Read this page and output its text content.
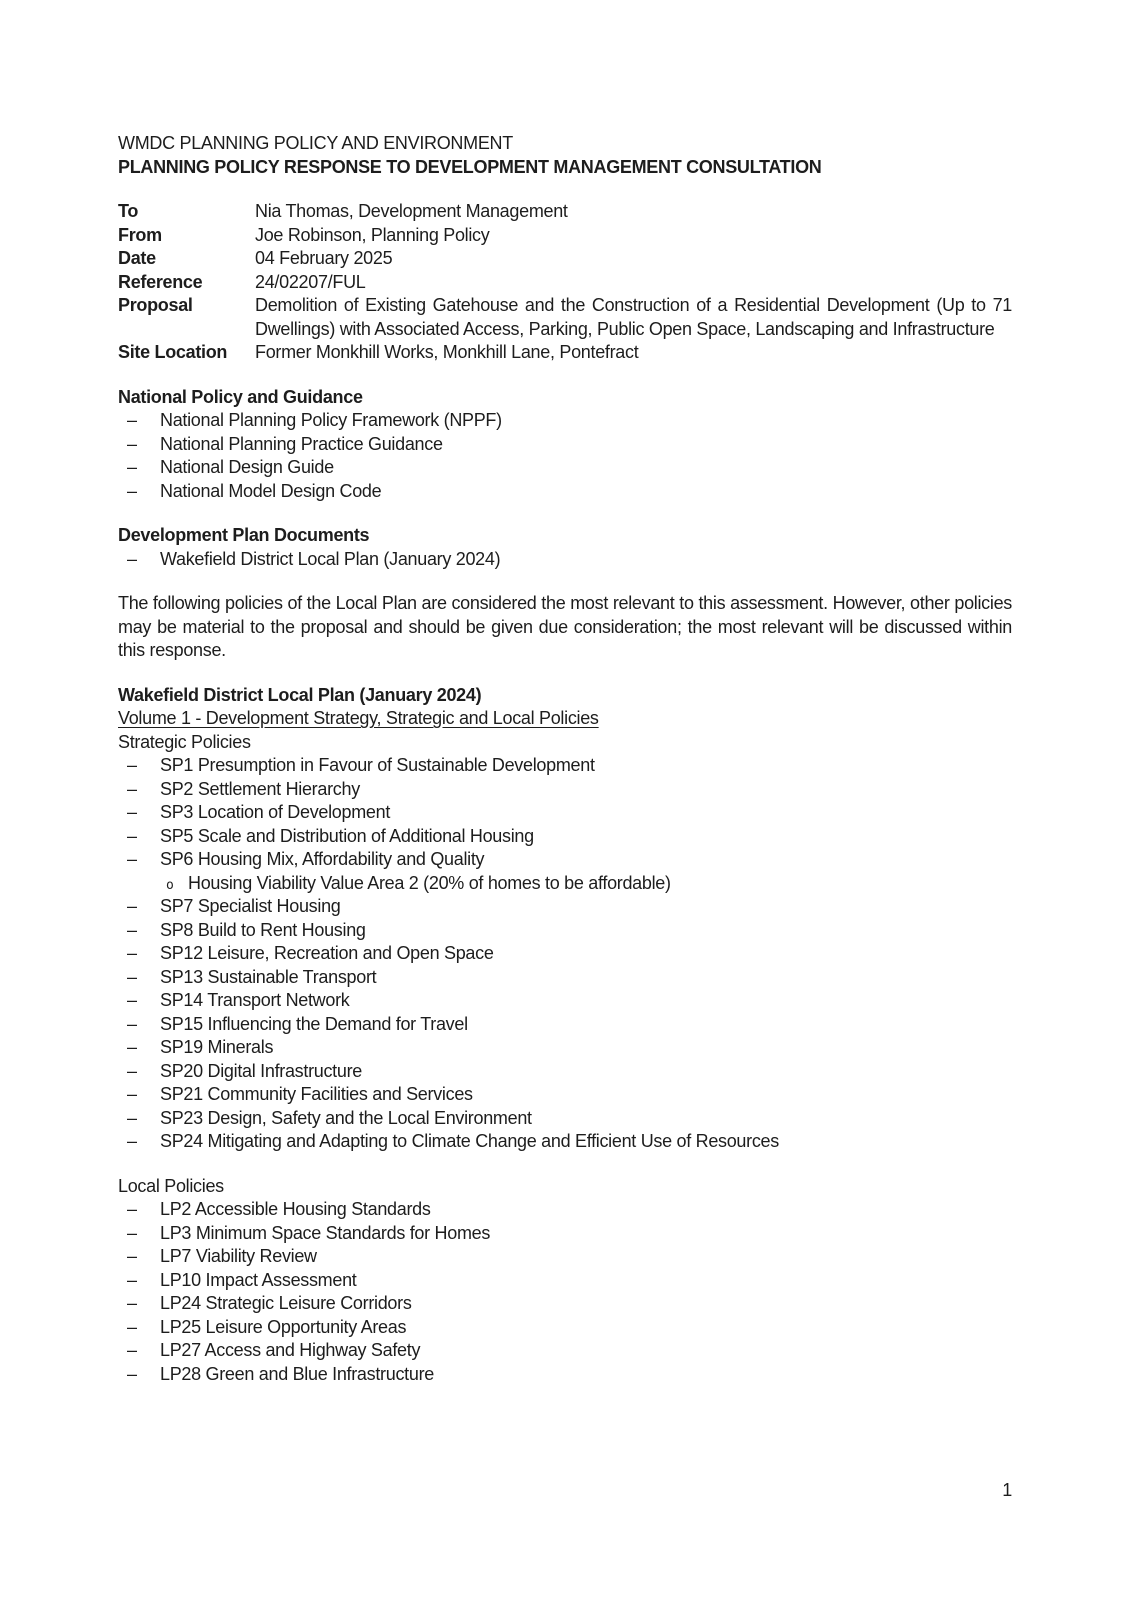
WMDC PLANNING POLICY AND ENVIRONMENT
PLANNING POLICY RESPONSE TO DEVELOPMENT MANAGEMENT CONSULTATION
To	Nia Thomas, Development Management
From	Joe Robinson, Planning Policy
Date	04 February 2025
Reference	24/02207/FUL
Proposal	Demolition of Existing Gatehouse and the Construction of a Residential Development (Up to 71 Dwellings) with Associated Access, Parking, Public Open Space, Landscaping and Infrastructure
Site Location	Former Monkhill Works, Monkhill Lane, Pontefract
National Policy and Guidance
– National Planning Policy Framework (NPPF)
– National Planning Practice Guidance
– National Design Guide
– National Model Design Code
Development Plan Documents
– Wakefield District Local Plan (January 2024)
The following policies of the Local Plan are considered the most relevant to this assessment. However, other policies may be material to the proposal and should be given due consideration; the most relevant will be discussed within this response.
Wakefield District Local Plan (January 2024)
Volume 1 - Development Strategy, Strategic and Local Policies
Strategic Policies
– SP1 Presumption in Favour of Sustainable Development
– SP2 Settlement Hierarchy
– SP3 Location of Development
– SP5 Scale and Distribution of Additional Housing
– SP6 Housing Mix, Affordability and Quality
o Housing Viability Value Area 2 (20% of homes to be affordable)
– SP7 Specialist Housing
– SP8 Build to Rent Housing
– SP12 Leisure, Recreation and Open Space
– SP13 Sustainable Transport
– SP14 Transport Network
– SP15 Influencing the Demand for Travel
– SP19 Minerals
– SP20 Digital Infrastructure
– SP21 Community Facilities and Services
– SP23 Design, Safety and the Local Environment
– SP24 Mitigating and Adapting to Climate Change and Efficient Use of Resources
Local Policies
– LP2 Accessible Housing Standards
– LP3 Minimum Space Standards for Homes
– LP7 Viability Review
– LP10 Impact Assessment
– LP24 Strategic Leisure Corridors
– LP25 Leisure Opportunity Areas
– LP27 Access and Highway Safety
– LP28 Green and Blue Infrastructure
1
